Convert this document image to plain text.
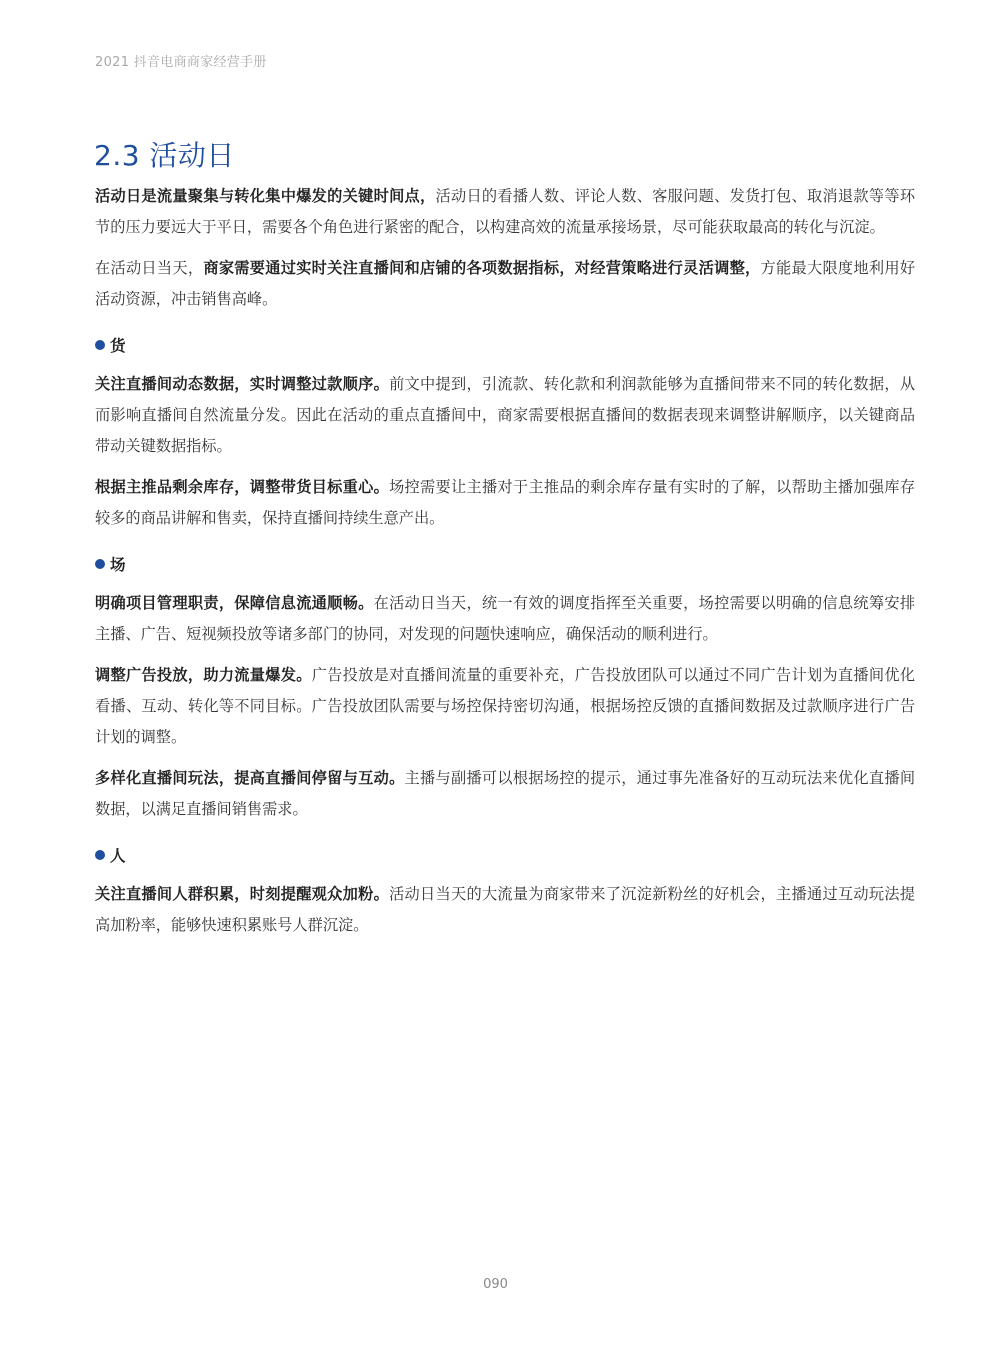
2021 抖音电商商家经营手册
2.3 活动日

活动日是流量聚集与转化集中爆发的关键时间点，活动日的看播人数、评论人数、客服问题、发货打包、取消退款等等环节的压力要远大于平日，需要各个角色进行紧密的配合，以构建高效的流量承接场景，尽可能获取最高的转化与沉淀。

在活动日当天，商家需要通过实时关注直播间和店铺的各项数据指标，对经营策略进行灵活调整，方能最大限度地利用好活动资源，冲击销售高峰。

货

关注直播间动态数据，实时调整过款顺序。前文中提到，引流款、转化款和利润款能够为直播间带来不同的转化数据，从而影响直播间自然流量分发。因此在活动的重点直播间中，商家需要根据直播间的数据表现来调整讲解顺序，以关键商品带动关键数据指标。

根据主推品剩余库存，调整带货目标重心。场控需要让主播对于主推品的剩余库存量有实时的了解，以帮助主播加强库存较多的商品讲解和售卖，保持直播间持续生意产出。

场

明确项目管理职责，保障信息流通顺畅。在活动日当天，统一有效的调度指挥至关重要，场控需要以明确的信息统筹安排主播、广告、短视频投放等诸多部门的协同，对发现的问题快速响应，确保活动的顺利进行。

调整广告投放，助力流量爆发。广告投放是对直播间流量的重要补充，广告投放团队可以通过不同广告计划为直播间优化看播、互动、转化等不同目标。广告投放团队需要与场控保持密切沟通，根据场控反馈的直播间数据及过款顺序进行广告计划的调整。

多样化直播间玩法，提高直播间停留与互动。主播与副播可以根据场控的提示，通过事先准备好的互动玩法来优化直播间数据，以满足直播间销售需求。

人

关注直播间人群积累，时刻提醒观众加粉。活动日当天的大流量为商家带来了沉淀新粉丝的好机会，主播通过互动玩法提高加粉率，能够快速积累账号人群沉淀。

090
